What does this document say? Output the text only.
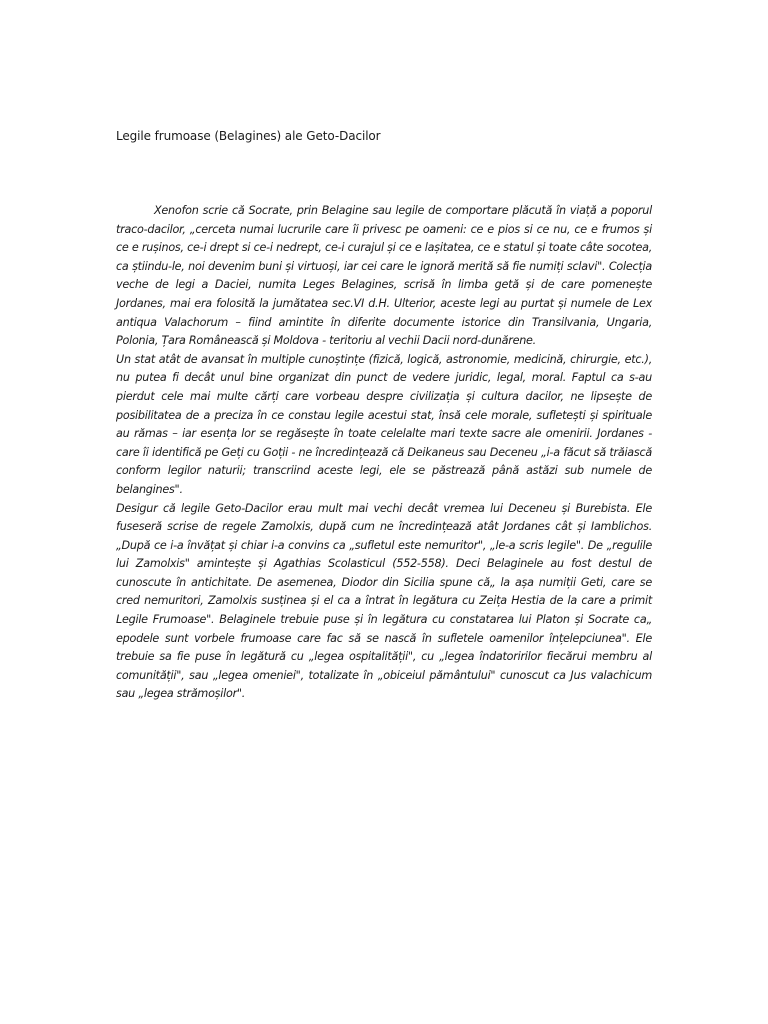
Legile frumoase (Belagines) ale Geto-Dacilor

Xenofon scrie că Socrate, prin Belagine sau legile de comportare plăcută în viață a poporul traco-dacilor, „cerceta numai lucrurile care îi privesc pe oameni: ce e pios si ce nu, ce e frumos și ce e rușinos, ce-i drept si ce-i nedrept, ce-i curajul și ce e lașitatea, ce e statul și toate câte socotea, ca știindu-le, noi devenim buni și virtuoși, iar cei care le ignoră merită să fie numiți sclavi". Colecția veche de legi a Daciei, numita Leges Belagines, scrisă în limba getă și de care pomenește Jordanes, mai era folosită la jumătatea sec.VI d.H. Ulterior, aceste legi au purtat și numele de Lex antiqua Valachorum – fiind amintite în diferite documente istorice din Transilvania, Ungaria, Polonia, Țara Românească și Moldova - teritoriu al vechii Dacii nord-dunărene.

Un stat atât de avansat în multiple cunoștințe (fizică, logică, astronomie, medicină, chirurgie, etc.), nu putea fi decât unul bine organizat din punct de vedere juridic, legal, moral. Faptul ca s-au pierdut cele mai multe cărți care vorbeau despre civilizația și cultura dacilor, ne lipsește de posibilitatea de a preciza în ce constau legile acestui stat, însă cele morale, sufletești și spirituale au rămas – iar esența lor se regăsește în toate celelalte mari texte sacre ale omenirii. Jordanes - care îi identifică pe Geți cu Goții - ne încredințează că Deikaneus sau Deceneu „i-a făcut să trăiască conform legilor naturii; transcriind aceste legi, ele se păstrează până astăzi sub numele de belangines".

Desigur că legile Geto-Dacilor erau mult mai vechi decât vremea lui Deceneu și Burebista. Ele fuseseră scrise de regele Zamolxis, după cum ne încredințează atât Jordanes cât și Iamblichos. „După ce i-a învățat și chiar i-a convins ca „sufletul este nemuritor", „le-a scris legile". De „regulile lui Zamolxis" amintește și Agathias Scolasticul (552-558). Deci Belaginele au fost destul de cunoscute în antichitate. De asemenea, Diodor din Sicilia spune că„ la așa numiții Geti, care se cred nemuritori, Zamolxis susținea și el ca a întrat în legătura cu Zeița Hestia de la care a primit Legile Frumoase". Belaginele trebuie puse și în legătura cu constatarea lui Platon și Socrate ca„ epodele sunt vorbele frumoase care fac să se nască în sufletele oamenilor înțelepciunea". Ele trebuie sa fie puse în legătură cu „legea ospitalității", cu „legea îndatoririlor fiecărui membru al comunității", sau „legea omeniei", totalizate în „obiceiul pământului" cunoscut ca Jus valachicum sau „legea strămoșilor".
